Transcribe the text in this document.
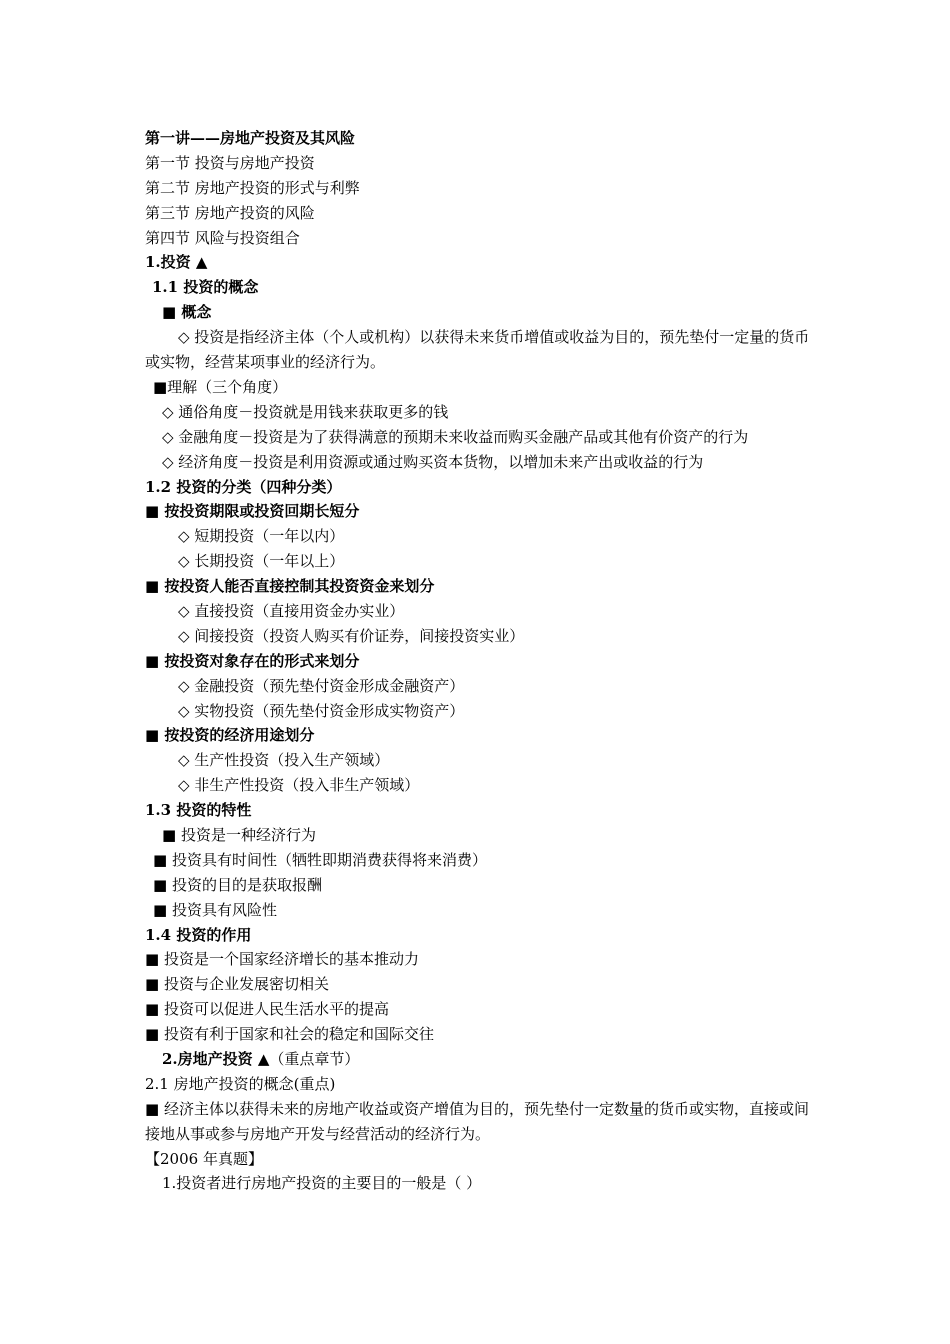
第一讲——房地产投资及其风险
第一节 投资与房地产投资
第二节 房地产投资的形式与利弊
第三节 房地产投资的风险
第四节 风险与投资组合
1.投资 ▲
1.1 投资的概念
■ 概念
◇ 投资是指经济主体（个人或机构）以获得未来货币增值或收益为目的，预先垫付一定量的货币或实物，经营某项事业的经济行为。
■理解（三个角度）
◇ 通俗角度－投资就是用钱来获取更多的钱
◇ 金融角度－投资是为了获得满意的预期未来收益而购买金融产品或其他有价资产的行为
◇ 经济角度－投资是利用资源或通过购买资本货物，以增加未来产出或收益的行为
1.2 投资的分类（四种分类）
■ 按投资期限或投资回期长短分
◇ 短期投资（一年以内）
◇ 长期投资（一年以上）
■ 按投资人能否直接控制其投资资金来划分
◇ 直接投资（直接用资金办实业）
◇ 间接投资（投资人购买有价证券，间接投资实业）
■ 按投资对象存在的形式来划分
◇ 金融投资（预先垫付资金形成金融资产）
◇ 实物投资（预先垫付资金形成实物资产）
■ 按投资的经济用途划分
◇ 生产性投资（投入生产领域）
◇ 非生产性投资（投入非生产领域）
1.3 投资的特性
■ 投资是一种经济行为
■ 投资具有时间性（牺牲即期消费获得将来消费）
■ 投资的目的是获取报酬
■ 投资具有风险性
1.4 投资的作用
■ 投资是一个国家经济增长的基本推动力
■ 投资与企业发展密切相关
■ 投资可以促进人民生活水平的提高
■ 投资有利于国家和社会的稳定和国际交往
2.房地产投资 ▲（重点章节）
2.1 房地产投资的概念(重点)
■ 经济主体以获得未来的房地产收益或资产增值为目的，预先垫付一定数量的货币或实物，直接或间接地从事或参与房地产开发与经营活动的经济行为。
【2006 年真题】
1.投资者进行房地产投资的主要目的一般是（ ）
